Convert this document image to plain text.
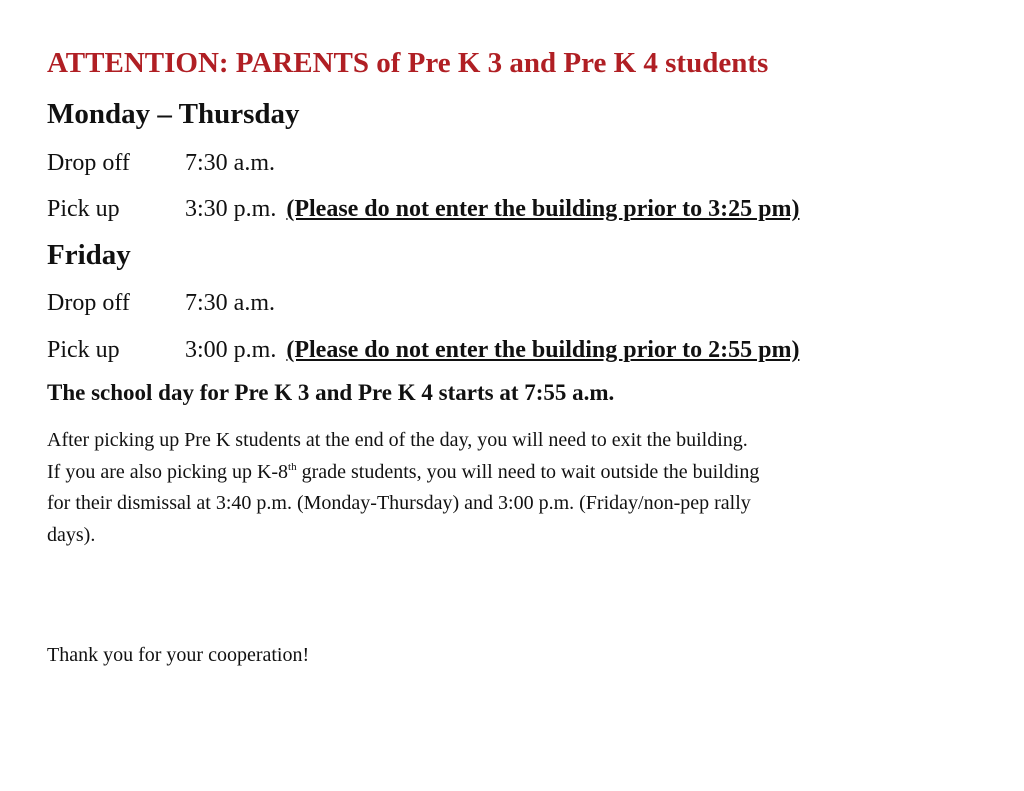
ATTENTION: PARENTS of Pre K 3 and Pre K 4 students
Monday – Thursday
Drop off 7:30 a.m.
Pick up	3:30 p.m. (Please do not enter the building prior to 3:25 pm)
Friday
Drop off 7:30 a.m.
Pick up	3:00 p.m. (Please do not enter the building prior to 2:55 pm)
The school day for Pre K 3 and Pre K 4 starts at 7:55 a.m.
After picking up Pre K students at the end of the day, you will need to exit the building.
If you are also picking up K-8th grade students, you will need to wait outside the building
for their dismissal at 3:40 p.m. (Monday-Thursday) and 3:00 p.m. (Friday/non-pep rally
days).
Thank you for your cooperation!
